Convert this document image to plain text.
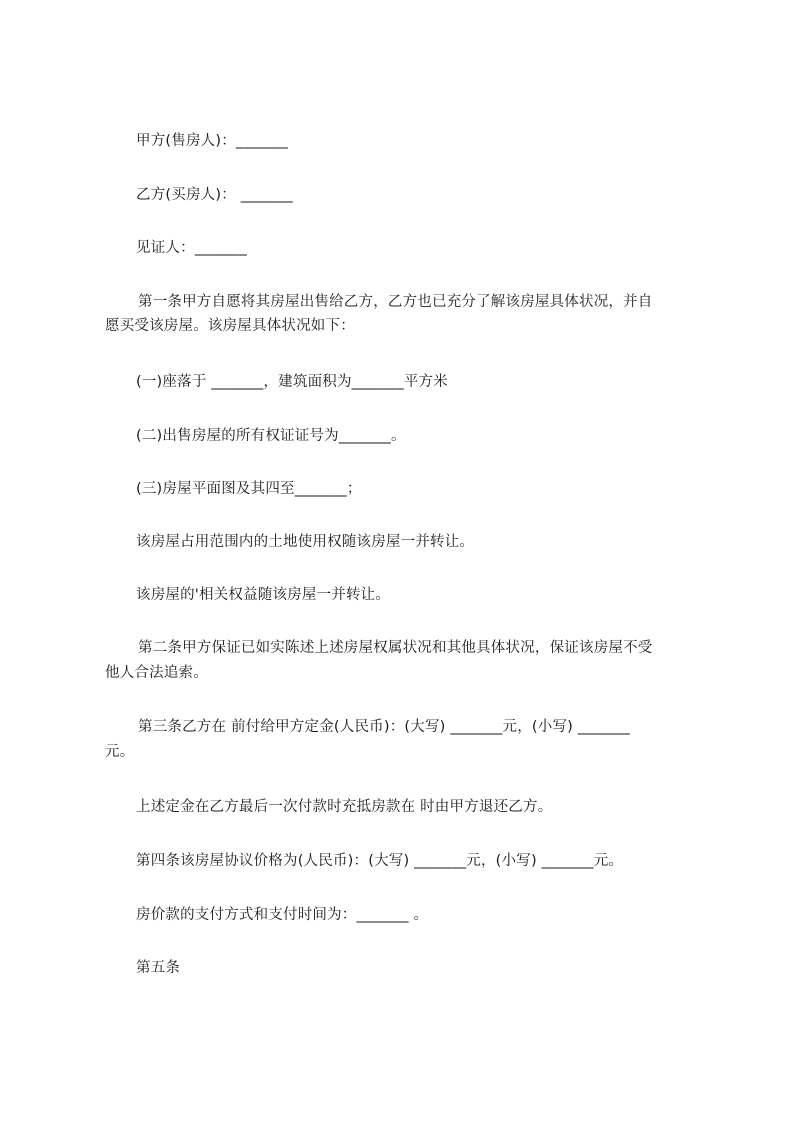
甲方(售房人)：_______
乙方(买房人)： _______
见证人：_______
第一条甲方自愿将其房屋出售给乙方，乙方也已充分了解该房屋具体状况，并自
愿买受该房屋。该房屋具体状况如下：
(一)座落于 _______，建筑面积为_______平方米
(二)出售房屋的所有权证证号为_______。
(三)房屋平面图及其四至_______；
该房屋占用范围内的土地使用权随该房屋一并转让。
该房屋的'相关权益随该房屋一并转让。
第二条甲方保证已如实陈述上述房屋权属状况和其他具体状况，保证该房屋不受
他人合法追索。
第三条乙方在 前付给甲方定金(人民币)：(大写) _______元，(小写) _______
元。
上述定金在乙方最后一次付款时充抵房款在 时由甲方退还乙方。
第四条该房屋协议价格为(人民币)：(大写) _______元，(小写) _______元。
房价款的支付方式和支付时间为：_______ 。
第五条
